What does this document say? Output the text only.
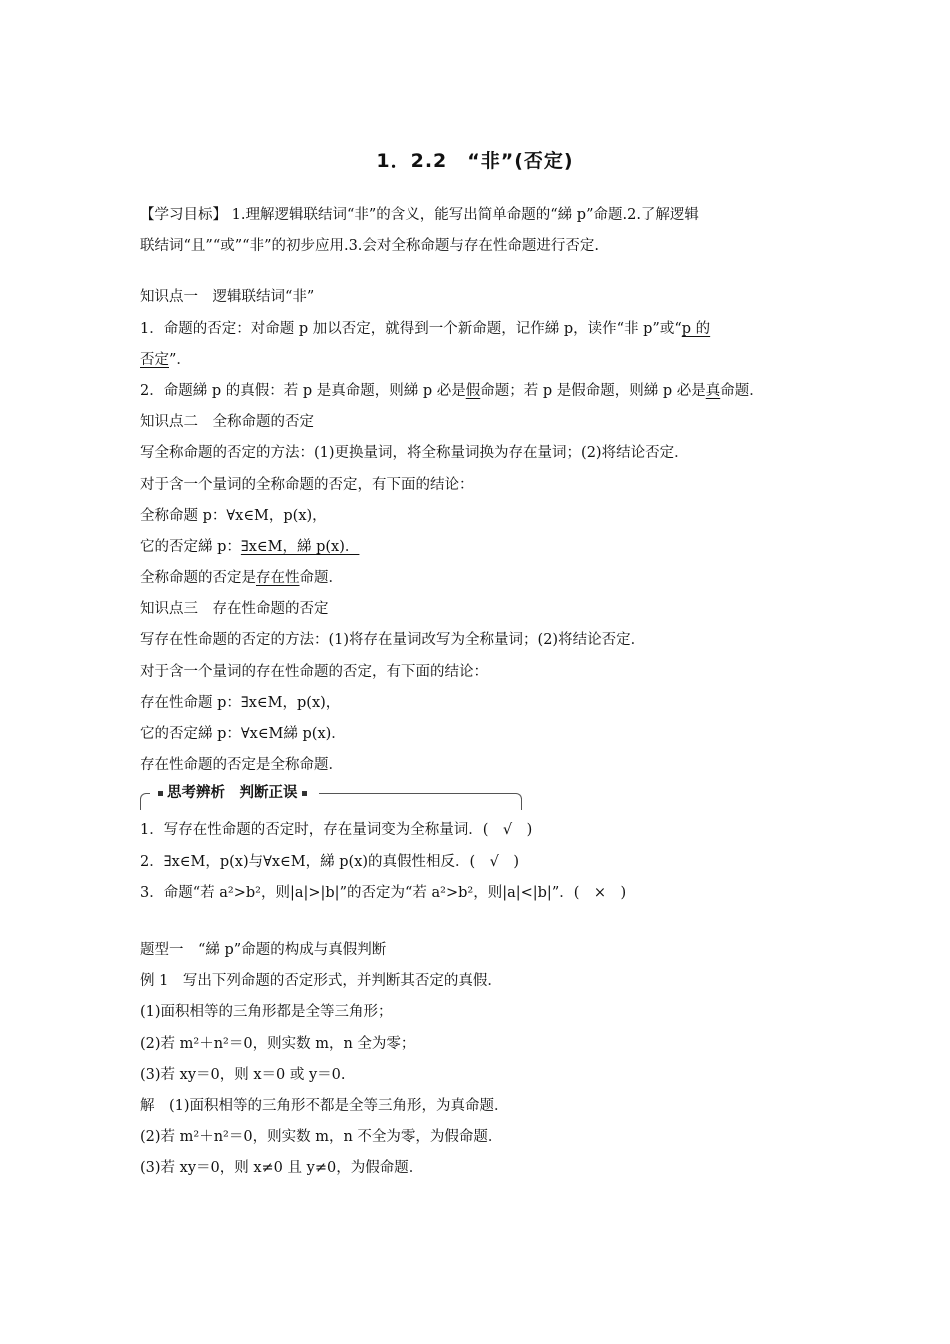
1．2.2　“非”(否定)
【学习目标】 1.理解逻辑联结词“非”的含义，能写出简单命题的“綈 p”命题.2.了解逻辑
联结词“且”“或”“非”的初步应用.3.会对全称命题与存在性命题进行否定.
知识点一　逻辑联结词“非”
1．命题的否定：对命题 p 加以否定，就得到一个新命题，记作綈 p，读作“非 p”或“p 的
否定”．
2．命题綈 p 的真假：若 p 是真命题，则綈 p 必是假命题；若 p 是假命题，则綈 p 必是真命题．
知识点二　全称命题的否定
写全称命题的否定的方法：(1)更换量词，将全称量词换为存在量词；(2)将结论否定．
对于含一个量词的全称命题的否定，有下面的结论：
全称命题 p：∀x∈M，p(x)，
它的否定綈 p：∃x∈M，綈 p(x)．
全称命题的否定是存在性命题．
知识点三　存在性命题的否定
写存在性命题的否定的方法：(1)将存在量词改写为全称量词；(2)将结论否定．
对于含一个量词的存在性命题的否定，有下面的结论：
存在性命题 p：∃x∈M，p(x)，
它的否定綈 p：∀x∈M綈 p(x)．
存在性命题的否定是全称命题．
思考辨析　判断正误
1．写存在性命题的否定时，存在量词变为全称量词．(　√　)
2．∃x∈M，p(x)与∀x∈M，綈 p(x)的真假性相反．(　√　)
3．命题“若 a²>b²，则|a|>|b|”的否定为“若 a²>b²，则|a|<|b|”．(　×　)
题型一　“綈 p”命题的构成与真假判断
例 1　写出下列命题的否定形式，并判断其否定的真假．
(1)面积相等的三角形都是全等三角形；
(2)若 m²＋n²＝0，则实数 m，n 全为零；
(3)若 xy＝0，则 x＝0 或 y＝0.
解　(1)面积相等的三角形不都是全等三角形，为真命题．
(2)若 m²＋n²＝0，则实数 m，n 不全为零，为假命题．
(3)若 xy＝0，则 x≠0 且 y≠0，为假命题．
